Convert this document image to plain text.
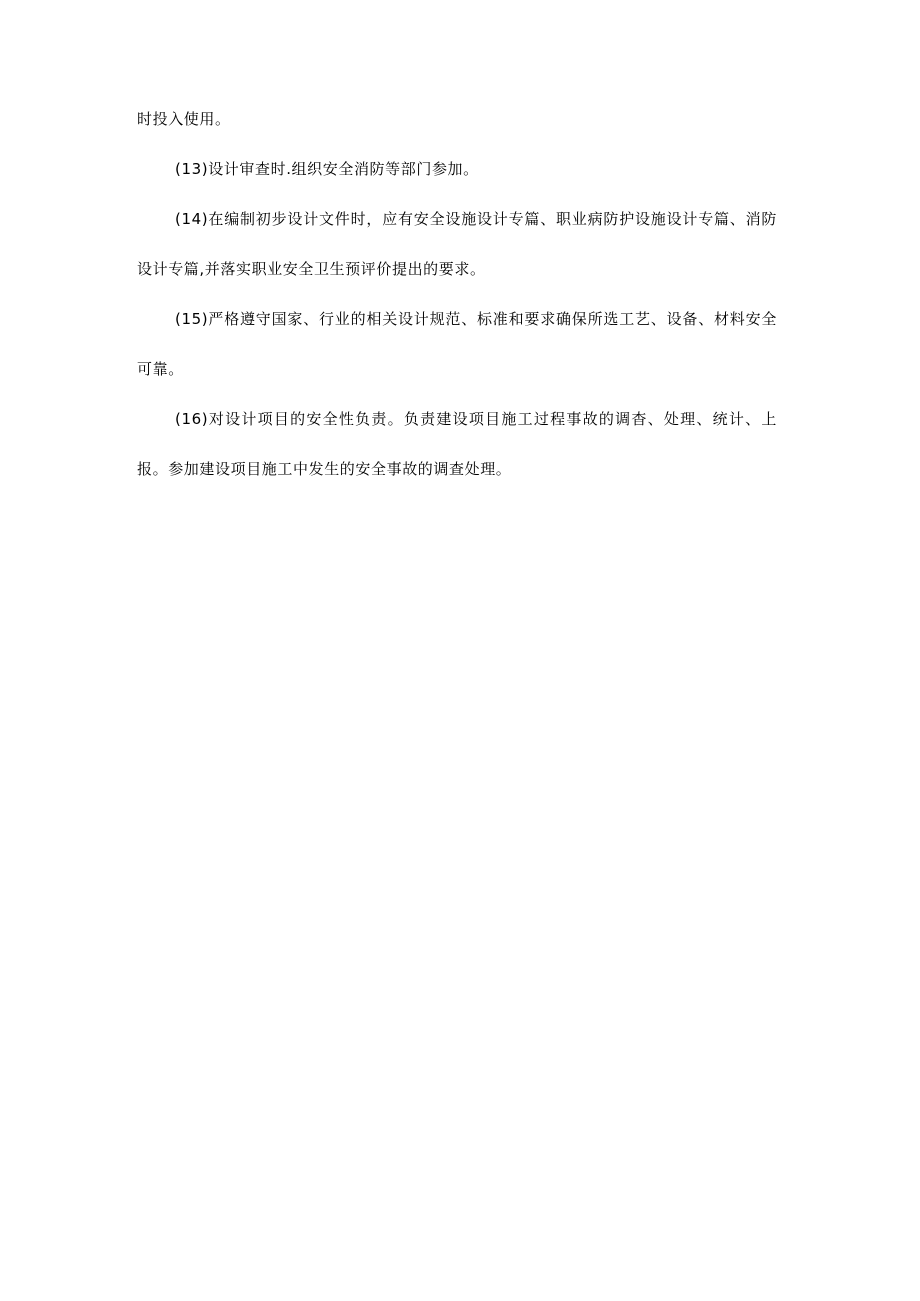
时投入使用。

(13)设计审查时.组织安全消防等部门参加。

(14)在编制初步设计文件时，应有安全设施设计专篇、职业病防护设施设计专篇、消防设计专篇,并落实职业安全卫生预评价提出的要求。

(15)严格遵守国家、行业的相关设计规范、标准和要求确保所选工艺、设备、材料安全可靠。

(16)对设计项目的安全性负责。负责建设项目施工过程事故的调杳、处理、统计、上报。参加建设项目施工中发生的安全事故的调查处理。
